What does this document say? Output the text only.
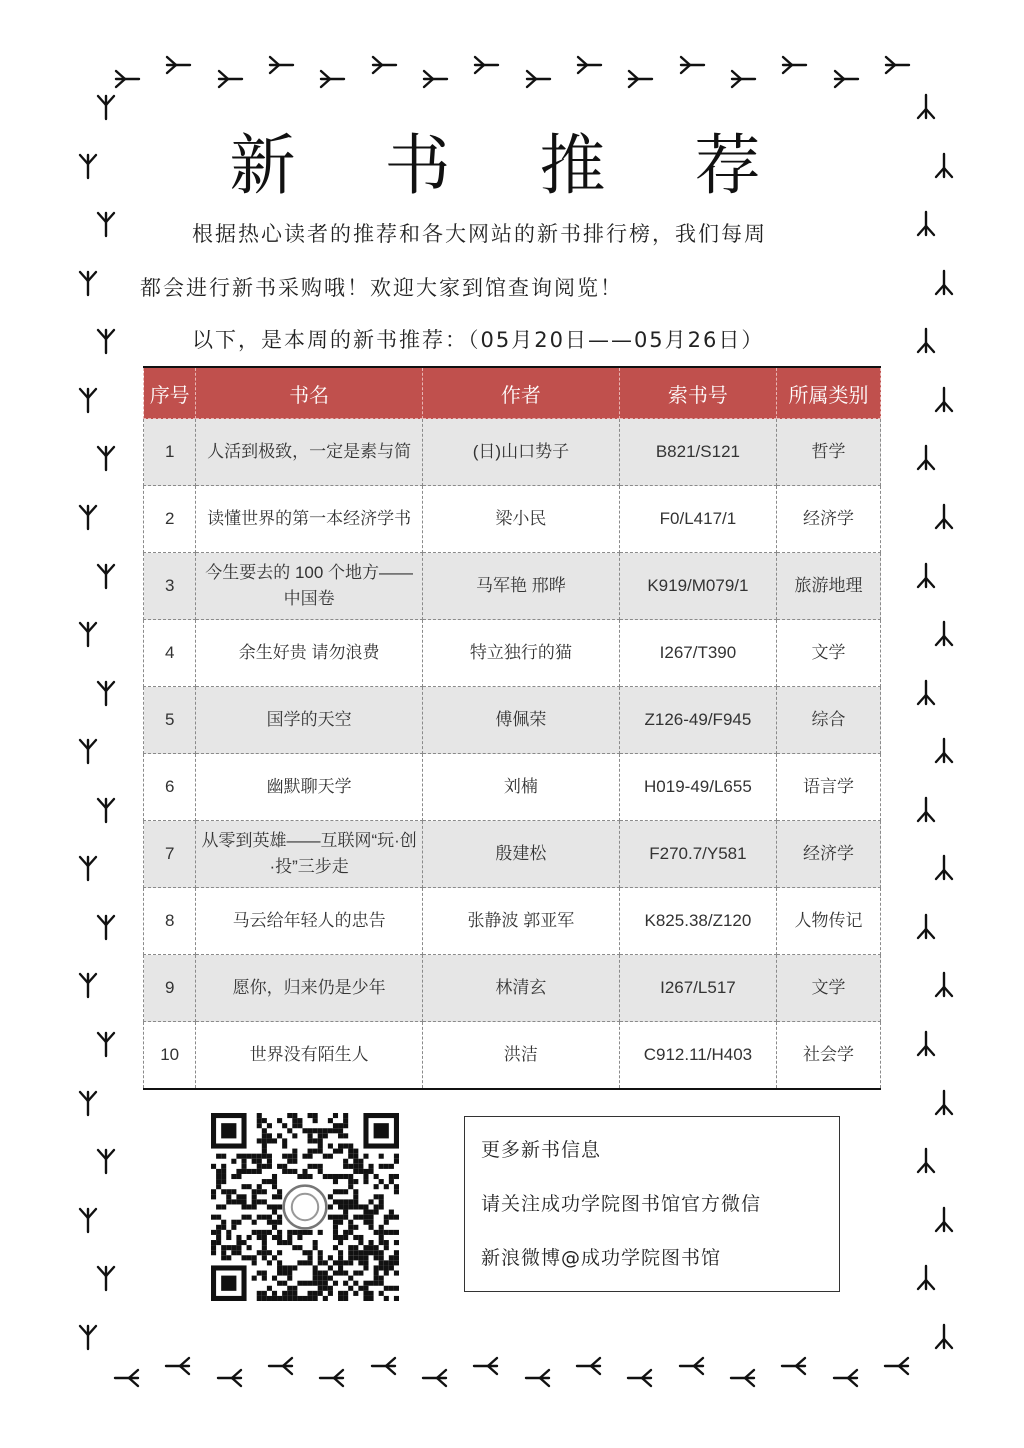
新 书 推 荐
根据热心读者的推荐和各大网站的新书排行榜，我们每周
都会进行新书采购哦！欢迎大家到馆查询阅览！
以下，是本周的新书推荐：（05月20日——05月26日）
序号	书名	作者	索书号	所属类别
1	人活到极致，一定是素与简	(日)山口势子	B821/S121	哲学
2	读懂世界的第一本经济学书	梁小民	F0/L417/1	经济学
3	今生要去的 100 个地方——中国卷	马军艳 邢晔	K919/M079/1	旅游地理
4	余生好贵 请勿浪费	特立独行的猫	I267/T390	文学
5	国学的天空	傅佩荣	Z126-49/F945	综合
6	幽默聊天学	刘楠	H019-49/L655	语言学
7	从零到英雄——互联网“玩·创·投”三步走	殷建松	F270.7/Y581	经济学
8	马云给年轻人的忠告	张静波 郭亚军	K825.38/Z120	人物传记
9	愿你，归来仍是少年	林清玄	I267/L517	文学
10	世界没有陌生人	洪洁	C912.11/H403	社会学
更多新书信息
请关注成功学院图书馆官方微信
新浪微博@成功学院图书馆
